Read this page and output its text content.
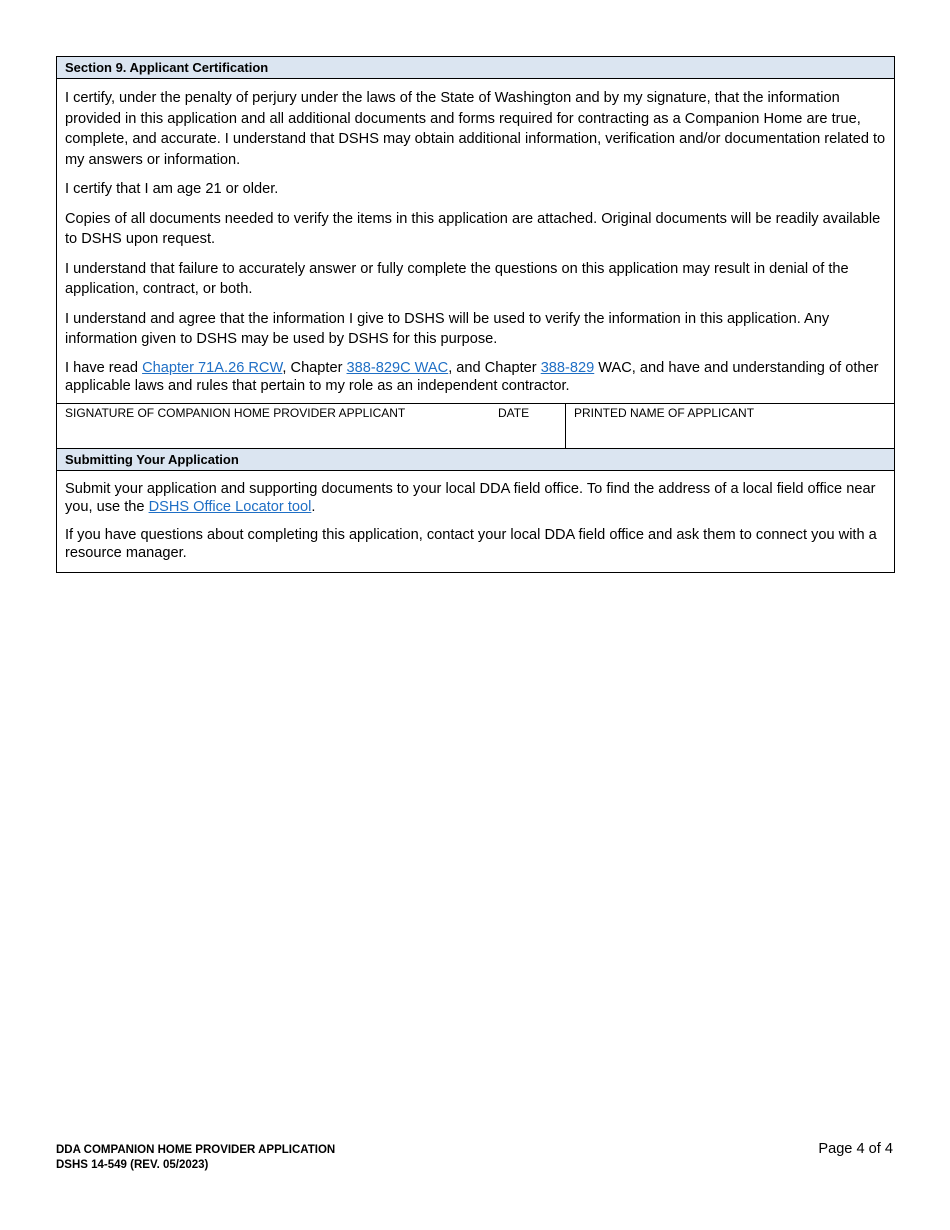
Section 9. Applicant Certification

I certify, under the penalty of perjury under the laws of the State of Washington and by my signature, that the information provided in this application and all additional documents and forms required for contracting as a Companion Home are true, complete, and accurate. I understand that DSHS may obtain additional information, verification and/or documentation related to my answers or information.

I certify that I am age 21 or older.

Copies of all documents needed to verify the items in this application are attached. Original documents will be readily available to DSHS upon request.

I understand that failure to accurately answer or fully complete the questions on this application may result in denial of the application, contract, or both.

I understand and agree that the information I give to DSHS will be used to verify the information in this application. Any information given to DSHS may be used by DSHS for this purpose.

I have read Chapter 71A.26 RCW, Chapter 388-829C WAC, and Chapter 388-829 WAC, and have and understanding of other applicable laws and rules that pertain to my role as an independent contractor.

SIGNATURE OF COMPANION HOME PROVIDER APPLICANT	DATE	PRINTED NAME OF APPLICANT
Submitting Your Application

Submit your application and supporting documents to your local DDA field office. To find the address of a local field office near you, use the DSHS Office Locator tool.

If you have questions about completing this application, contact your local DDA field office and ask them to connect you with a resource manager.

DDA COMPANION HOME PROVIDER APPLICATION
DSHS 14-549 (REV. 05/2023)
Page 4 of 4
